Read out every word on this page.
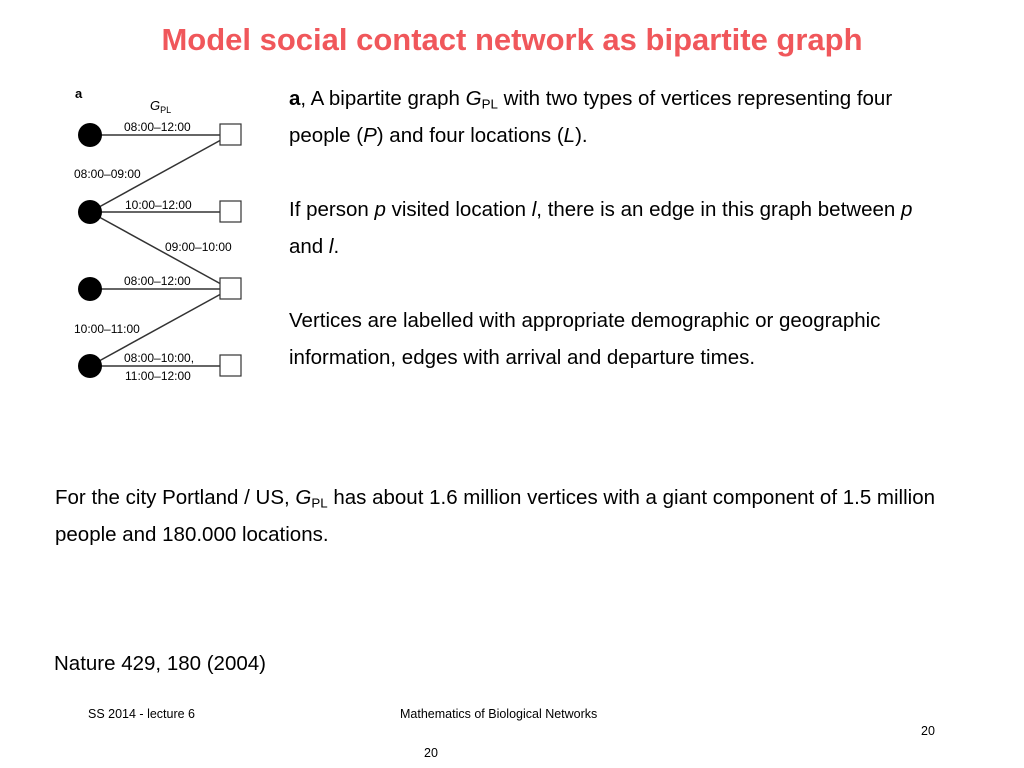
Model social contact network as bipartite graph
a
$G_{PL}$
08:00–12:00
08:00–09:00
10:00–12:00
09:00–10:00
08:00–12:00
10:00–11:00
08:00–10:00,
11:00–12:00

a, A bipartite graph $G_{PL}$ with two types of vertices representing four people (P) and four locations (L).

If person p visited location l, there is an edge in this graph between p and l.

Vertices are labelled with appropriate demographic or geographic information, edges with arrival and departure times.

For the city Portland / US, $G_{PL}$ has about 1.6 million vertices with a giant component of 1.5 million people and 180.000 locations.

Nature 429, 180 (2004)
SS 2014 - lecture 6	Mathematics of Biological Networks
20
20
